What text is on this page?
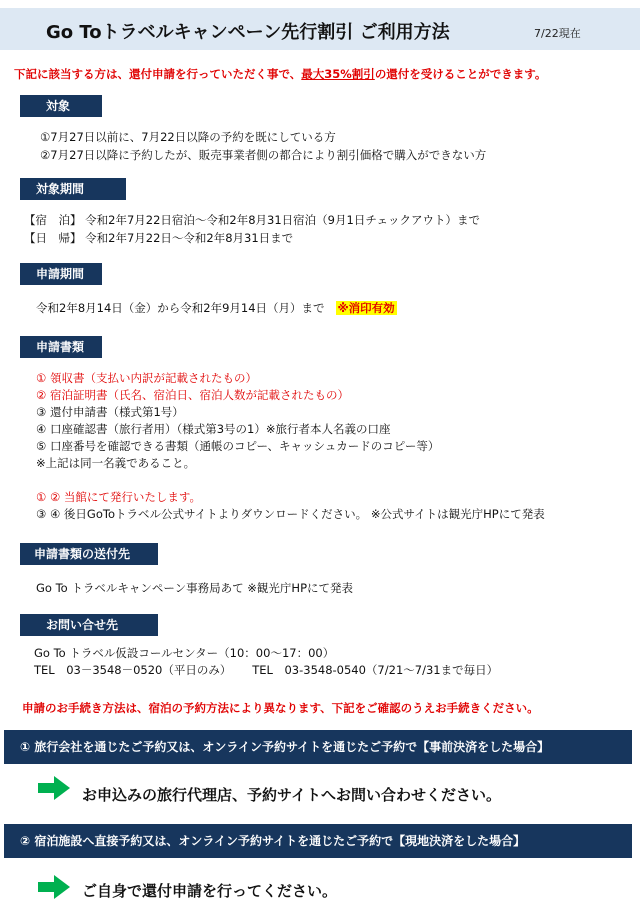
Go Toトラベルキャンペーン先行割引 ご利用方法	7/22現在
下記に該当する方は、還付申請を行っていただく事で、最大35%割引の還付を受けることができます。
対象
①7月27日以前に、7月22日以降の予約を既にしている方
②7月27日以降に予約したが、販売事業者側の都合により割引価格で購入ができない方
対象期間
【宿　泊】 令和2年7月22日宿泊～令和2年8月31日宿泊（9月1日チェックアウト）まで
【日　帰】 令和2年7月22日～令和2年8月31日まで
申請期間
令和2年8月14日（金）から令和2年9月14日（月）まで ※消印有効
申請書類
① 領収書（支払い内訳が記載されたもの）
② 宿泊証明書（氏名、宿泊日、宿泊人数が記載されたもの）
③ 還付申請書（様式第1号）
④ 口座確認書（旅行者用）（様式第3号の1）※旅行者本人名義の口座
⑤ 口座番号を確認できる書類（通帳のコピー、キャッシュカードのコピー等）
※上記は同一名義であること。
① ② 当館にて発行いたします。
③ ④ 後日GoToトラベル公式サイトよりダウンロードください。 ※公式サイトは観光庁HPにて発表
申請書類の送付先
Go To トラベルキャンペーン事務局あて ※観光庁HPにて発表
お問い合せ先
Go To トラベル仮設コールセンター（10：00～17：00）
TEL　03－3548－0520（平日のみ）　　 TEL　03-3548-0540（7/21～7/31まで毎日）
申請のお手続き方法は、宿泊の予約方法により異なります、下記をご確認のうえお手続きください。
① 旅行会社を通じたご予約又は、オンライン予約サイトを通じたご予約で【事前決済をした場合】
お申込みの旅行代理店、予約サイトへお問い合わせください。
② 宿泊施設へ直接予約又は、オンライン予約サイトを通じたご予約で【現地決済をした場合】
ご自身で還付申請を行ってください。
